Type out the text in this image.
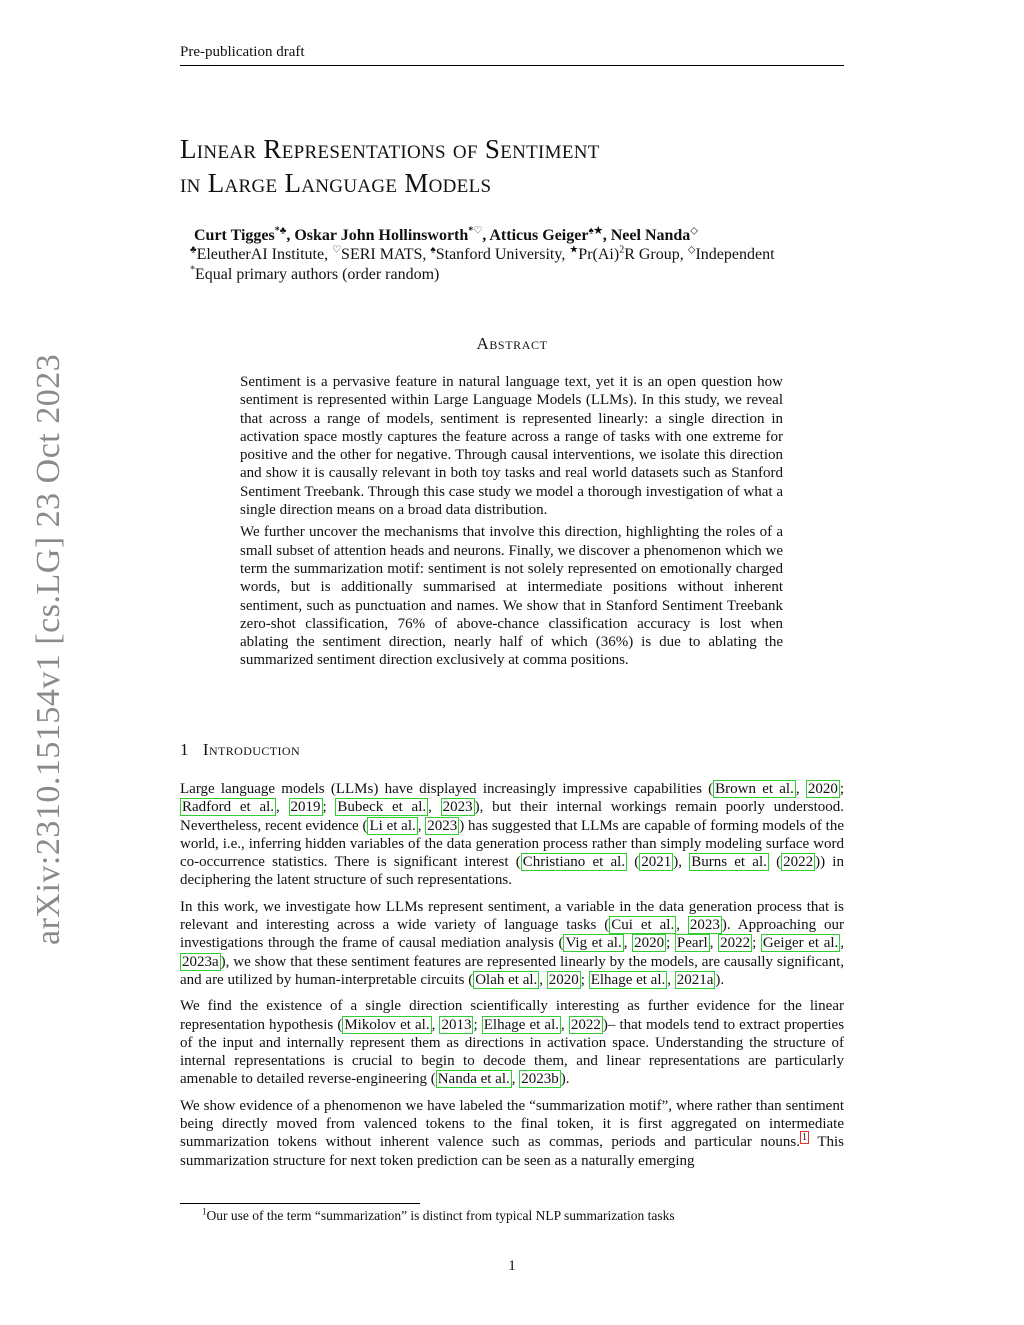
Pre-publication draft
arXiv:2310.15154v1 [cs.LG] 23 Oct 2023
Linear Representations of Sentiment
in Large Language Models
Curt Tigges*♣, Oskar John Hollinsworth*♡, Atticus Geiger♠★, Neel Nanda◇
♣EleutherAI Institute, ♡SERI MATS, ♠Stanford University, $^★Pr(Ai)^2R$ Group, ◇Independent
*Equal primary authors (order random)
Abstract

Sentiment is a pervasive feature in natural language text, yet it is an open question how sentiment is represented within Large Language Models (LLMs). In this study, we reveal that across a range of models, sentiment is represented linearly: a single direction in activation space mostly captures the feature across a range of tasks with one extreme for positive and the other for negative. Through causal interventions, we isolate this direction and show it is causally relevant in both toy tasks and real world datasets such as Stanford Sentiment Treebank. Through this case study we model a thorough investigation of what a single direction means on a broad data distribution.

We further uncover the mechanisms that involve this direction, highlighting the roles of a small subset of attention heads and neurons. Finally, we discover a phenomenon which we term the summarization motif: sentiment is not solely represented on emotionally charged words, but is additionally summarised at intermediate positions without inherent sentiment, such as punctuation and names. We show that in Stanford Sentiment Treebank zero-shot classification, 76% of above-chance classification accuracy is lost when ablating the sentiment direction, nearly half of which (36%) is due to ablating the summarized sentiment direction exclusively at comma positions.

1 Introduction

Large language models (LLMs) have displayed increasingly impressive capabilities ( Brown et al. , 2020 ; Radford et al. , 2019 ; Bubeck et al. , 2023 ), but their internal workings remain poorly understood. Nevertheless, recent evidence ( Li et al. , 2023 ) has suggested that LLMs are capable of forming models of the world, i.e., inferring hidden variables of the data generation process rather than simply modeling surface word co-occurrence statistics. There is significant interest ( Christiano et al. ( 2021 ), Burns et al. ( 2022 )) in deciphering the latent structure of such representations.

In this work, we investigate how LLMs represent sentiment, a variable in the data generation process that is relevant and interesting across a wide variety of language tasks ( Cui et al. , 2023 ). Approaching our investigations through the frame of causal mediation analysis ( Vig et al. , 2020 ; Pearl , 2022 ; Geiger et al. , 2023a ), we show that these sentiment features are represented linearly by the models, are causally significant, and are utilized by human-interpretable circuits ( Olah et al. , 2020 ; Elhage et al. , 2021a ).

We find the existence of a single direction scientifically interesting as further evidence for the linear representation hypothesis ( Mikolov et al. , 2013 ; Elhage et al. , 2022 )– that models tend to extract properties of the input and internally represent them as directions in activation space. Understanding the structure of internal representations is crucial to begin to decode them, and linear representations are particularly amenable to detailed reverse-engineering ( Nanda et al. , 2023b ).

We show evidence of a phenomenon we have labeled the “summarization motif”, where rather than sentiment being directly moved from valenced tokens to the final token, it is first aggregated on intermediate summarization tokens without inherent valence such as commas, periods and particular nouns. $^1$ This summarization structure for next token prediction can be seen as a naturally emerging

$^1$Our use of the term “summarization” is distinct from typical NLP summarization tasks
1
